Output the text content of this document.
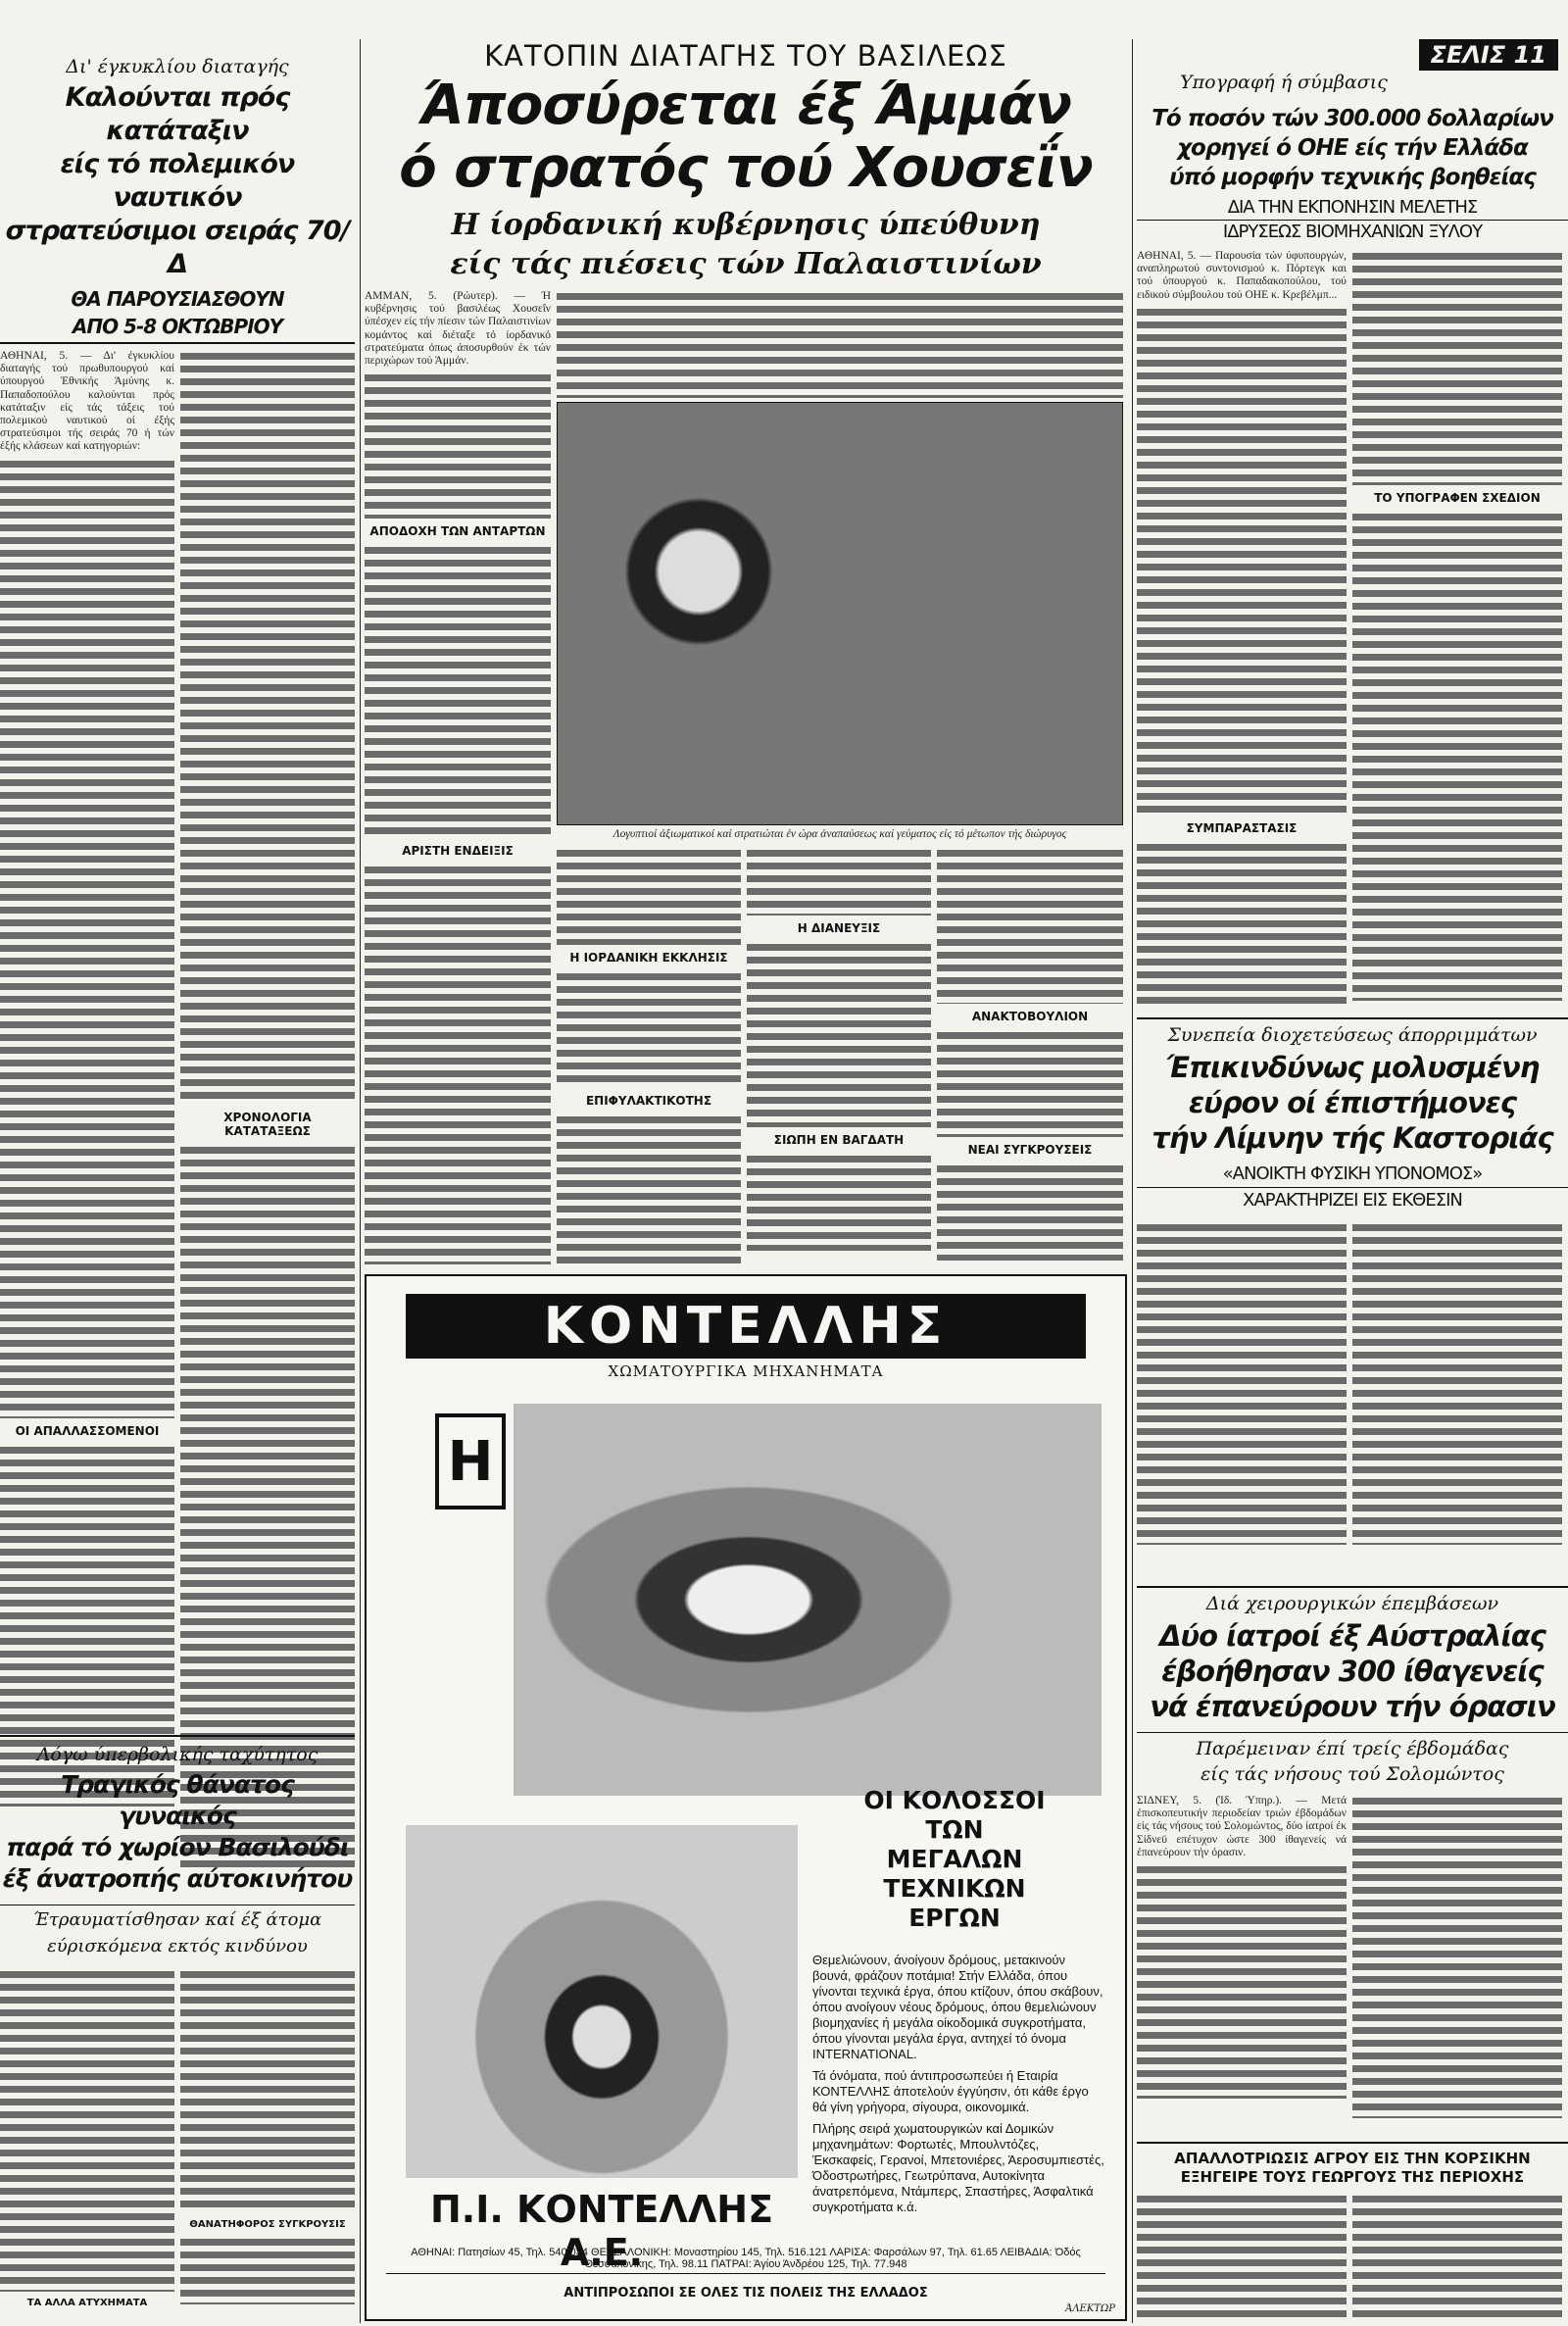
Δι' έγκυκλίου διαταγής
Καλούνται πρός κατάταξιν
είς τό πολεμικόν ναυτικόν
στρατεύσιμοι σειράς 70/Δ
ΘΑ ΠΑΡΟΥΣΙΑΣΘΟΥΝ
ΑΠΟ 5-8 ΟΚΤΩΒΡΙΟΥ
ΑΘΗΝΑΙ, 5. — Δι' έγκυκλίου διαταγής τού πρωθυπουργού καί ύπουργού Έθνικής Άμύνης κ. Παπαδοπούλου καλούνται πρός κατάταξιν είς τάς τάξεις τού πολεμικού ναυτικού οί έξής στρατεύσιμοι τής σειράς 70 ή τών έξής κλάσεων καί κατηγοριών:
ΟΙ ΑΠΑΛΛΑΣΣΟΜΕΝΟΙ
ΧΡΟΝΟΛΟΓΙΑ ΚΑΤΑΤΑΞΕΩΣ
Λόγω ύπερβολικής ταχύτητος
Τραγικός θάνατος γυναικός
παρά τό χωρίον Βασιλούδι
έξ άνατροπής αύτοκινήτου
Έτραυματίσθησαν καί έξ άτομα
εύρισκόμενα εκτός κινδύνου
ΤΑ ΑΛΛΑ ΑΤΥΧΗΜΑΤΑ
ΘΑΝΑΤΗΦΟΡΟΣ ΣΥΓΚΡΟΥΣΙΣ
ΚΑΤΟΠΙΝ ΔΙΑΤΑΓΗΣ ΤΟΥ ΒΑΣΙΛΕΩΣ
Άποσύρεται έξ Άμμάν
ό στρατός τού Χουσεΐν
Η ίορδανική κυβέρνησις ύπεύθυνη
είς τάς πιέσεις τών Παλαιστινίων
ΑΜΜΑΝ, 5. (Ρώυτερ). — Ή κυβέρνησις τού βασιλέως Χουσεΐν ύπέσχεν είς τήν πίεσιν τών Παλαιστινίων κομάντος καί διέταξε τό ίορδανικό στρατεύματα όπως άποσυρθούν έκ τών περιχώρων τού Άμμάν.
ΑΠΟΔΟΧΗ ΤΩΝ ΑΝΤΑΡΤΩΝ
ΑΡΙΣΤΗ ΕΝΔΕΙΞΙΣ
Λογυπτιοί άξιωματικοί καί στρατιώται έν ώρα άναπαύσεως καί γεύματος είς τό μέτωπον τής διώρυγος
Η ΙΟΡΔΑΝΙΚΗ ΕΚΚΛΗΣΙΣ
ΕΠΙΦΥΛΑΚΤΙΚΟΤΗΣ
Η ΔΙΑΝΕΥΞΙΣ
ΣΙΩΠΗ ΕΝ ΒΑΓΔΑΤΗ
ΑΝΑΚΤΟΒΟΥΛΙΟΝ
ΝΕΑΙ ΣΥΓΚΡΟΥΣΕΙΣ
ΚΟΝΤΕΛΛΗΣ
ΧΩΜΑΤΟΥΡΓΙΚΑ ΜΗΧΑΝΗΜΑΤΑ
Η
ΟΙ ΚΟΛΟΣΣΟΙ
ΤΩΝ
ΜΕΓΑΛΩΝ
ΤΕΧΝΙΚΩΝ
ΕΡΓΩΝ
Θεμελιώνουν, άνοίγουν δρόμους, μετακινούν βουνά, φράζουν ποτάμια! Στήν Ελλάδα, όπου γίνονται τεχνικά έργα, όπου κτίζουν, όπου σκάβουν, όπου ανοίγουν νέους δρόμους, όπου θεμελιώνουν βιομηχανίες ή μεγάλα οίκοδομικά συγκροτήματα, όπου γίνονται μεγάλα έργα, αντηχεί τό όνομα INTERNATIONAL.
Τά όνόματα, πού άντιπροσωπεύει ή Εταιρία ΚΟΝΤΕΛΛΗΣ άποτελούν έγγύησιν, ότι κάθε έργο θά γίνη γρήγορα, σίγουρα, οικονομικά.
Πλήρης σειρά χωματουργικών καί Δομικών μηχανημάτων: Φορτωτές, Μπουλντόζες, Έκσκαφείς, Γερανοί, Μπετονιέρες, Άεροσυμπιεστές, Όδοστρωτήρες, Γεωτρύπανα, Αυτοκίνητα άνατρεπόμενα, Ντάμπερς, Σπαστήρες, Άσφαλτικά συγκροτήματα κ.ά.
Π.Ι. ΚΟΝΤΕΛΛΗΣ Α.Ε.
ΑΘΗΝΑΙ: Πατησίων 45, Τηλ. 540.034 ΘΕΣΣΑΛΟΝΙΚΗ: Μοναστηρίου 145, Τηλ. 516.121 ΛΑΡΙΣΑ: Φαρσάλων 97, Τηλ. 61.65 ΛΕΙΒΑΔΙΑ: Όδός Θεσσαλονίκης, Τηλ. 98.11 ΠΑΤΡΑΙ: Άγίου Άνδρέου 125, Τηλ. 77.948
ΑΝΤΙΠΡΟΣΩΠΟΙ ΣΕ ΟΛΕΣ ΤΙΣ ΠΟΛΕΙΣ ΤΗΣ ΕΛΛΑΔΟΣ
ΆΛΕΚΤΩΡ
ΣΕΛΙΣ 11
Υπογραφή ή σύμβασις
Τό ποσόν τών 300.000 δολλαρίων
χορηγεί ό ΟΗΕ είς τήν Ελλάδα
ύπό μορφήν τεχνικής βοηθείας
ΔΙΑ ΤΗΝ ΕΚΠΟΝΗΣΙΝ ΜΕΛΕΤΗΣ
ΙΔΡΥΣΕΩΣ ΒΙΟΜΗΧΑΝΙΩΝ ΞΥΛΟΥ
ΑΘΗΝΑΙ, 5. — Παρουσία τών ύφυπουργών, αναπληρωτού συντονισμού κ. Πόρτεγκ και τού ύπουργού κ. Παπαδακοπούλου, τού ειδικού σύμβουλου τού ΟΗΕ κ. Κρεβέλμπ...
ΣΥΜΠΑΡΑΣΤΑΣΙΣ
ΤΟ ΥΠΟΓΡΑΦΕΝ ΣΧΕΔΙΟΝ
Συνεπεία διοχετεύσεως άπορριμμάτων
Έπικινδύνως μολυσμένη
εύρον οί έπιστήμονες
τήν Λίμνην τής Καστοριάς
«ΑΝΟΙΚΤΗ ΦΥΣΙΚΗ ΥΠΟΝΟΜΟΣ»
ΧΑΡΑΚΤΗΡΙΖΕΙ ΕΙΣ ΕΚΘΕΣΙΝ
Διά χειρουργικών έπεμβάσεων
Δύο ίατροί έξ Αύστραλίας
έβοήθησαν 300 ίθαγενείς
νά έπανεύρουν τήν όρασιν
Παρέμειναν έπί τρείς έβδομάδας
είς τάς νήσους τού Σολομώντος
ΣΙΔΝΕΥ, 5. (Ίδ. Ύπηρ.). — Μετά έπισκοπευτικήν περιοδείαν τριών έβδομάδων είς τάς νήσους τού Σολομώντος, δύο ίατροί έκ Σίδνεϋ επέτυχον ώστε 300 ίθαγενείς νά έπανεύρουν τήν όρασιν.
ΑΠΑΛΛΟΤΡΙΩΣΙΣ ΑΓΡΟΥ ΕΙΣ ΤΗΝ ΚΟΡΣΙΚΗΝ
ΕΞΗΓΕΙΡΕ ΤΟΥΣ ΓΕΩΡΓΟΥΣ ΤΗΣ ΠΕΡΙΟΧΗΣ
